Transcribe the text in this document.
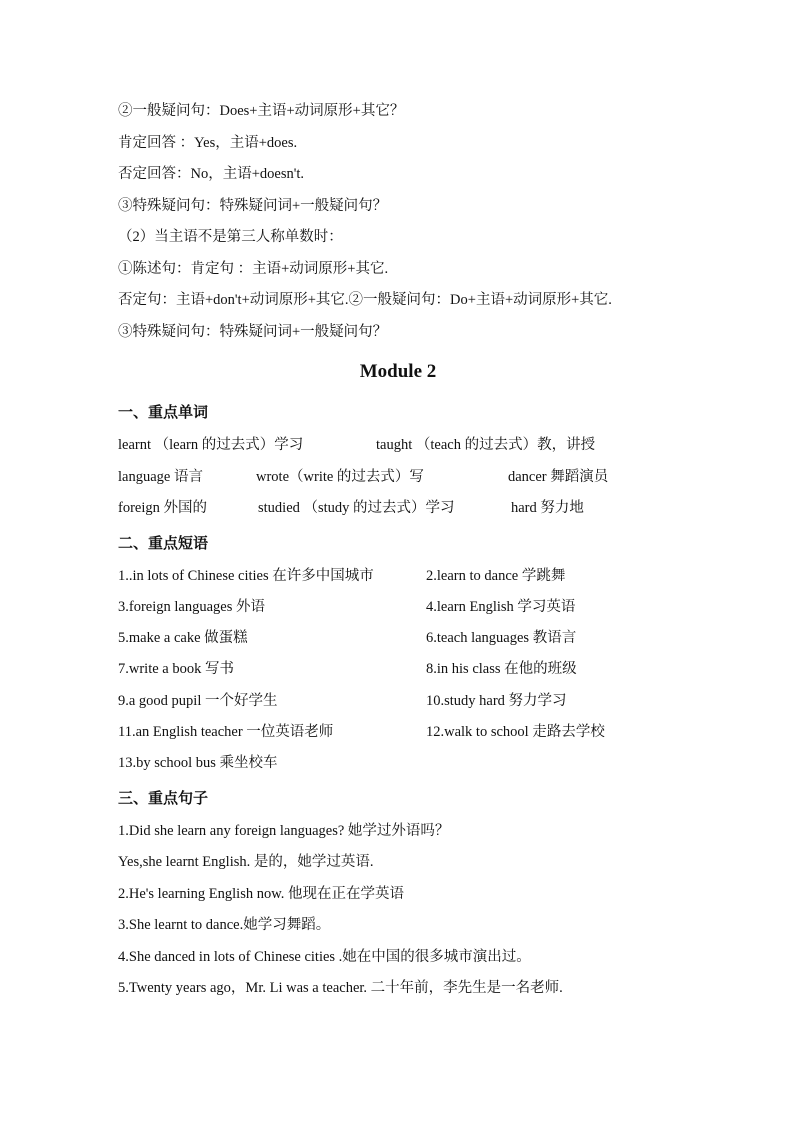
②一般疑问句：Does+主语+动词原形+其它？
肯定回答 ：Yes，主语+does.
否定回答：No，主语+doesn't.
③特殊疑问句：特殊疑问词+一般疑问句？
（2）当主语不是第三人称单数时：
①陈述句：肯定句 ：主语+动词原形+其它.
否定句：主语+don't+动词原形+其它.②一般疑问句：Do+主语+动词原形+其它.
③特殊疑问句：特殊疑问词+一般疑问句？
Module 2
一、重点单词
learnt （learn 的过去式）学习	taught （teach 的过去式）教，讲授
language 语言	wrote（write 的过去式）写	dancer 舞蹈演员
foreign 外国的	studied （study 的过去式）学习	hard 努力地
二、重点短语
1..in lots of Chinese cities 在许多中国城市	2.learn to dance 学跳舞
3.foreign languages 外语	4.learn English 学习英语
5.make a cake 做蛋糕	6.teach languages 教语言
7.write a book 写书	8.in his class 在他的班级
9.a good pupil 一个好学生	10.study hard 努力学习
11.an English teacher 一位英语老师	12.walk to school 走路去学校
13.by school bus 乘坐校车
三、重点句子
1.Did she learn any foreign languages? 她学过外语吗？
Yes,she learnt English. 是的，她学过英语.
2.He's learning English now. 他现在正在学英语
3.She learnt to dance.她学习舞蹈。
4.She danced in lots of Chinese cities .她在中国的很多城市演出过。
5.Twenty years ago，Mr. Li was a teacher. 二十年前，李先生是一名老师.
